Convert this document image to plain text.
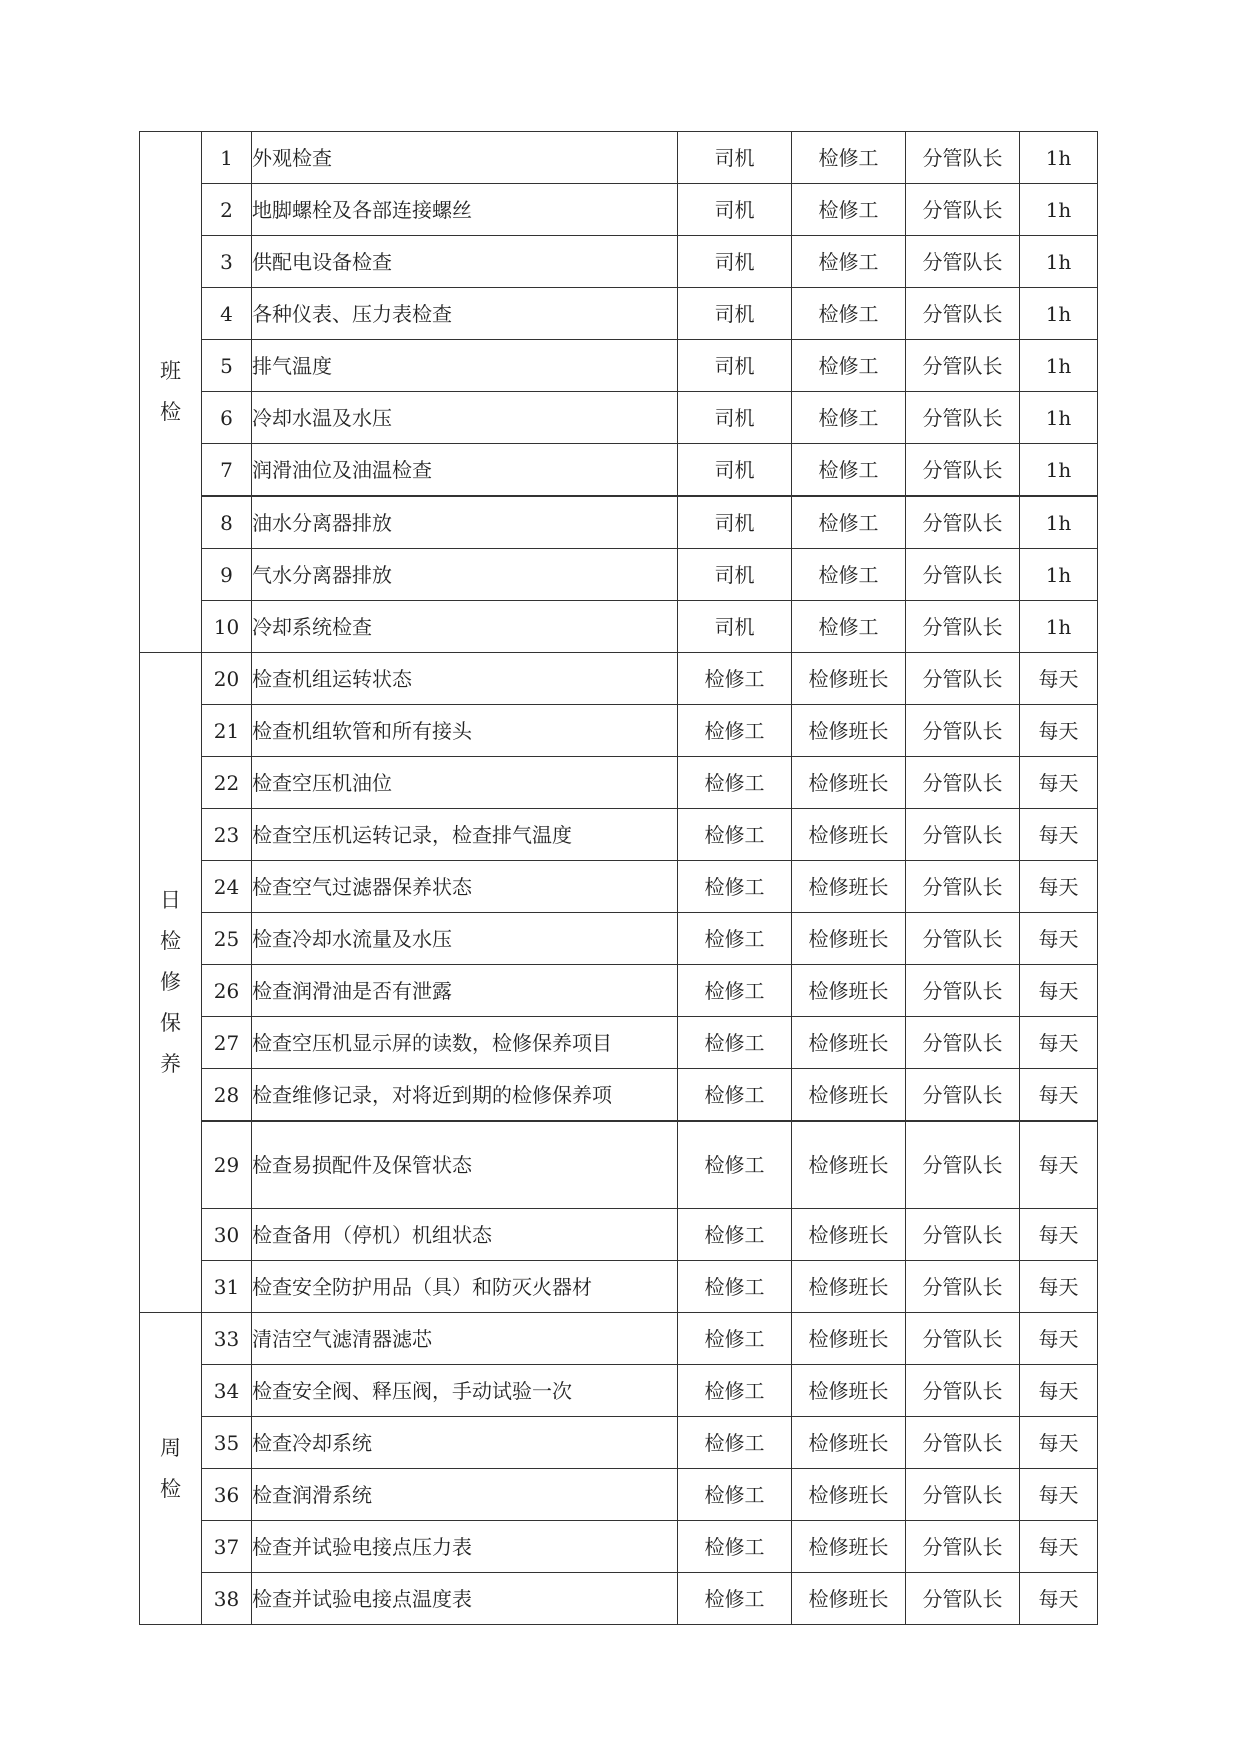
班
检	1	外观检查	司机	检修工	分管队长	1h
	2	地脚螺栓及各部连接螺丝	司机	检修工	分管队长	1h
	3	供配电设备检查	司机	检修工	分管队长	1h
	4	各种仪表、压力表检查	司机	检修工	分管队长	1h
	5	排气温度	司机	检修工	分管队长	1h
	6	冷却水温及水压	司机	检修工	分管队长	1h
	7	润滑油位及油温检查	司机	检修工	分管队长	1h
	8	油水分离器排放	司机	检修工	分管队长	1h
	9	气水分离器排放	司机	检修工	分管队长	1h
	10	冷却系统检查	司机	检修工	分管队长	1h

日
检
修
保
养	20	检查机组运转状态	检修工	检修班长	分管队长	每天
	21	检查机组软管和所有接头	检修工	检修班长	分管队长	每天
	22	检查空压机油位	检修工	检修班长	分管队长	每天
	23	检查空压机运转记录，检查排气温度	检修工	检修班长	分管队长	每天
	24	检查空气过滤器保养状态	检修工	检修班长	分管队长	每天
	25	检查冷却水流量及水压	检修工	检修班长	分管队长	每天
	26	检查润滑油是否有泄露	检修工	检修班长	分管队长	每天
	27	检查空压机显示屏的读数，检修保养项目	检修工	检修班长	分管队长	每天
	28	检查维修记录，对将近到期的检修保养项	检修工	检修班长	分管队长	每天
	29	检查易损配件及保管状态	检修工	检修班长	分管队长	每天
	30	检查备用（停机）机组状态	检修工	检修班长	分管队长	每天
	31	检查安全防护用品（具）和防灭火器材	检修工	检修班长	分管队长	每天

周
检	33	清洁空气滤清器滤芯	检修工	检修班长	分管队长	每天
	34	检查安全阀、释压阀，手动试验一次	检修工	检修班长	分管队长	每天
	35	检查冷却系统	检修工	检修班长	分管队长	每天
	36	检查润滑系统	检修工	检修班长	分管队长	每天
	37	检查并试验电接点压力表	检修工	检修班长	分管队长	每天
	38	检查并试验电接点温度表	检修工	检修班长	分管队长	每天
